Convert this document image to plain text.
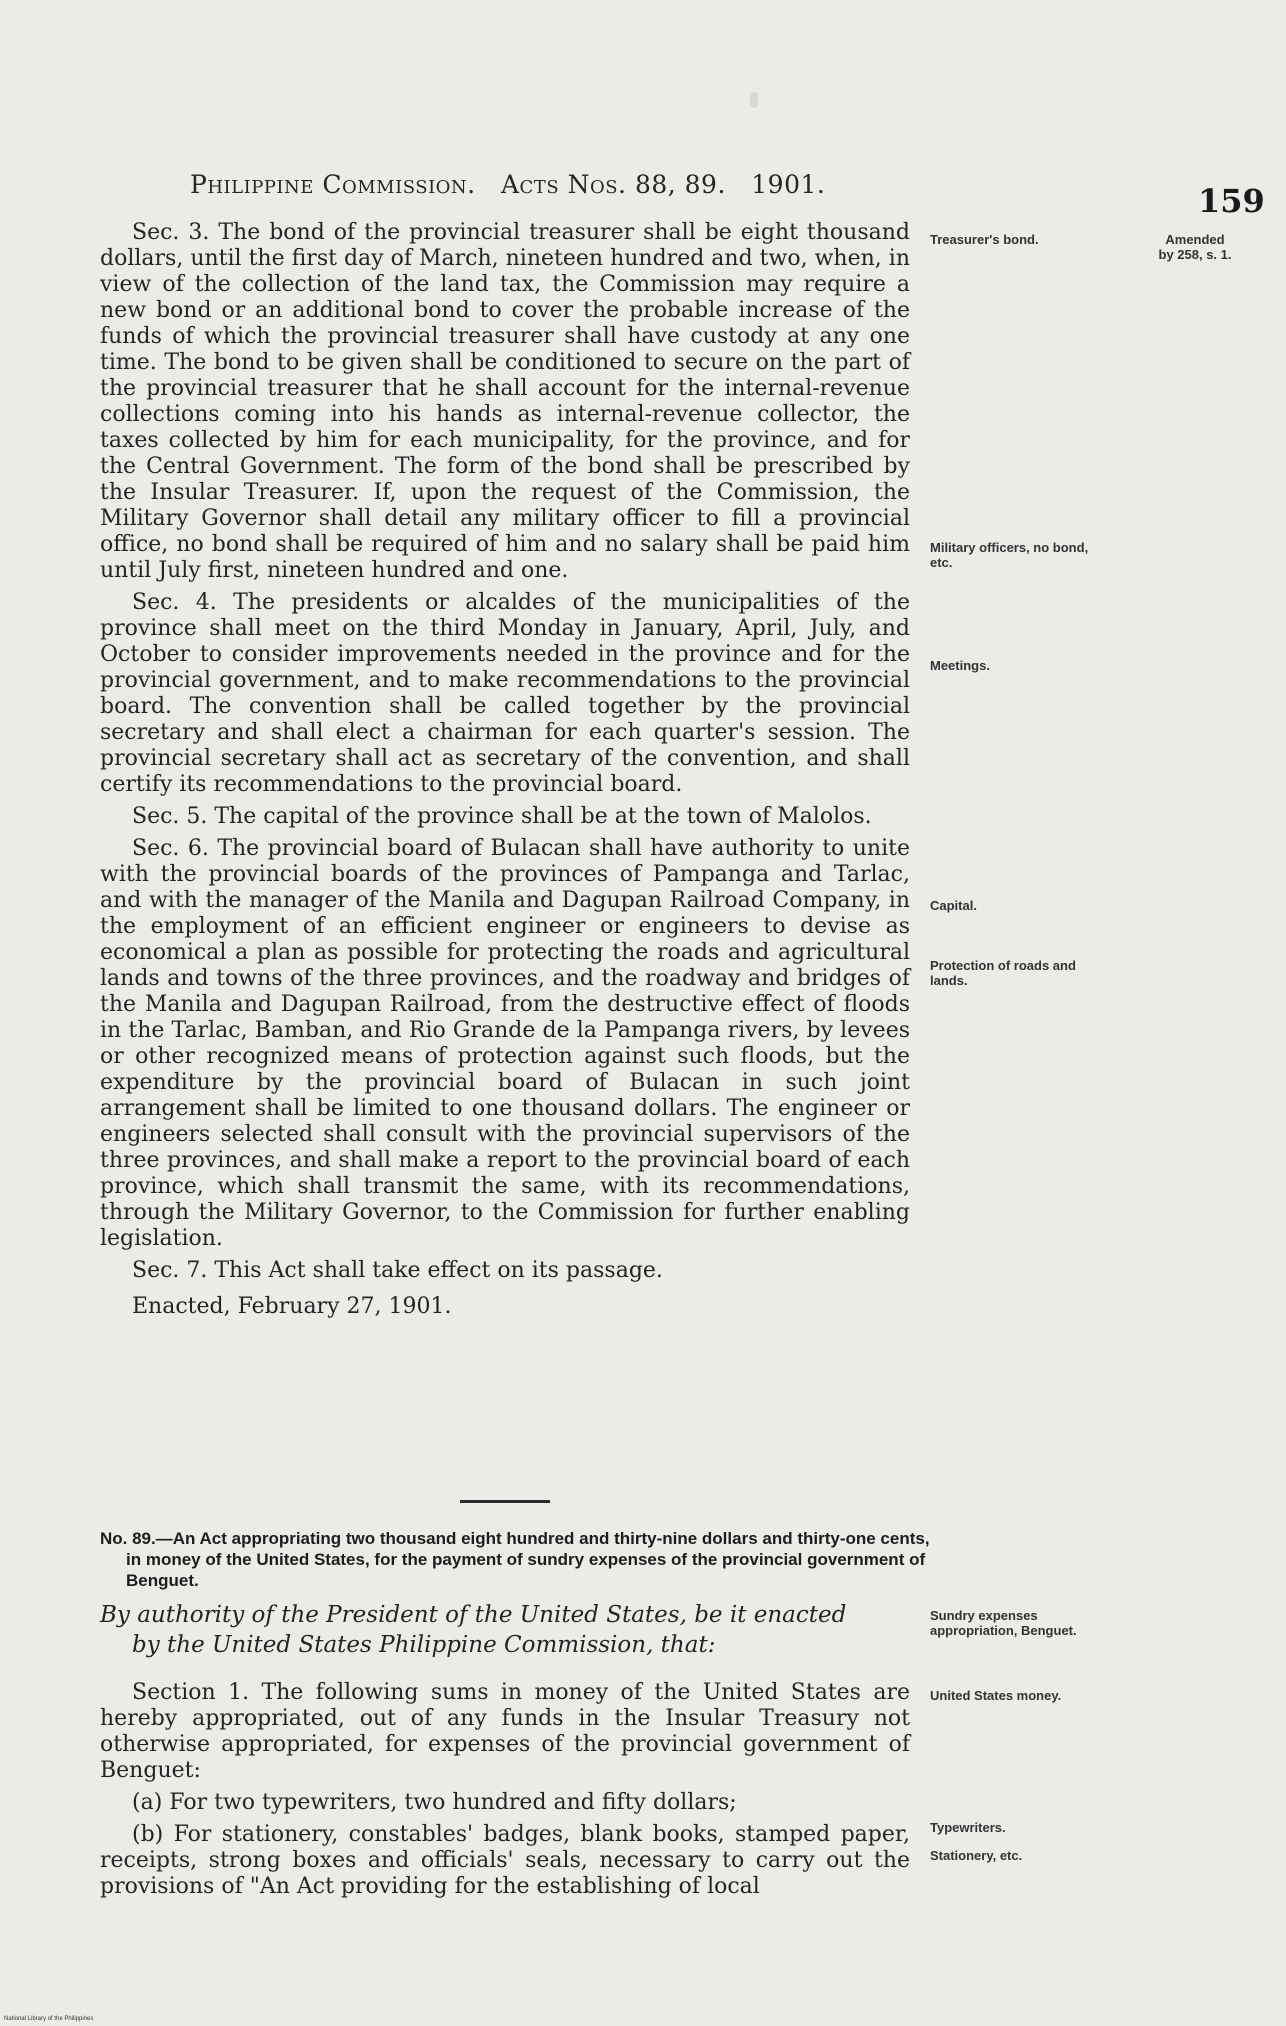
Philippine Commission. Acts Nos. 88, 89. 1901.	159

Sec. 3. The bond of the provincial treasurer shall be eight thousand dollars, until the first day of March, nineteen hundred and two, when, in view of the collection of the land tax, the Commission may require a new bond or an additional bond to cover the probable increase of the funds of which the provincial treasurer shall have custody at any one time. The bond to be given shall be conditioned to secure on the part of the provincial treasurer that he shall account for the internal-revenue collections coming into his hands as internal-revenue collector, the taxes collected by him for each municipality, for the province, and for the Central Government. The form of the bond shall be prescribed by the Insular Treasurer. If, upon the request of the Commission, the Military Governor shall detail any military officer to fill a provincial office, no bond shall be required of him and no salary shall be paid him until July first, nineteen hundred and one.

Sec. 4. The presidents or alcaldes of the municipalities of the province shall meet on the third Monday in January, April, July, and October to consider improvements needed in the province and for the provincial government, and to make recommendations to the provincial board. The convention shall be called together by the provincial secretary and shall elect a chairman for each quarter's session. The provincial secretary shall act as secretary of the convention, and shall certify its recommendations to the provincial board.

Sec. 5. The capital of the province shall be at the town of Malolos.

Sec. 6. The provincial board of Bulacan shall have authority to unite with the provincial boards of the provinces of Pampanga and Tarlac, and with the manager of the Manila and Dagupan Railroad Company, in the employment of an efficient engineer or engineers to devise as economical a plan as possible for protecting the roads and agricultural lands and towns of the three provinces, and the roadway and bridges of the Manila and Dagupan Railroad, from the destructive effect of floods in the Tarlac, Bamban, and Rio Grande de la Pampanga rivers, by levees or other recognized means of protection against such floods, but the expenditure by the provincial board of Bulacan in such joint arrangement shall be limited to one thousand dollars. The engineer or engineers selected shall consult with the provincial supervisors of the three provinces, and shall make a report to the provincial board of each province, which shall transmit the same, with its recommendations, through the Military Governor, to the Commission for further enabling legislation.

Sec. 7. This Act shall take effect on its passage.

Enacted, February 27, 1901.

Treasurer's bond.	Amended
by 258, s. 1.
Military officers, no bond, etc.
Meetings.
Capital.
Protection of roads and lands.
No. 89.—An Act appropriating two thousand eight hundred and thirty-nine dollars and thirty-one cents, in money of the United States, for the payment of sundry expenses of the provincial government of Benguet.
By authority of the President of the United States, be it enacted
by the United States Philippine Commission, that:
Sundry expenses appropriation, Benguet.

Section 1. The following sums in money of the United States are hereby appropriated, out of any funds in the Insular Treasury not otherwise appropriated, for expenses of the provincial government of Benguet:

(a) For two typewriters, two hundred and fifty dollars;

(b) For stationery, constables' badges, blank books, stamped paper, receipts, strong boxes and officials' seals, necessary to carry out the provisions of "An Act providing for the establishing of local

United States money.
Typewriters.
Stationery, etc.
National Library of the Philippines
